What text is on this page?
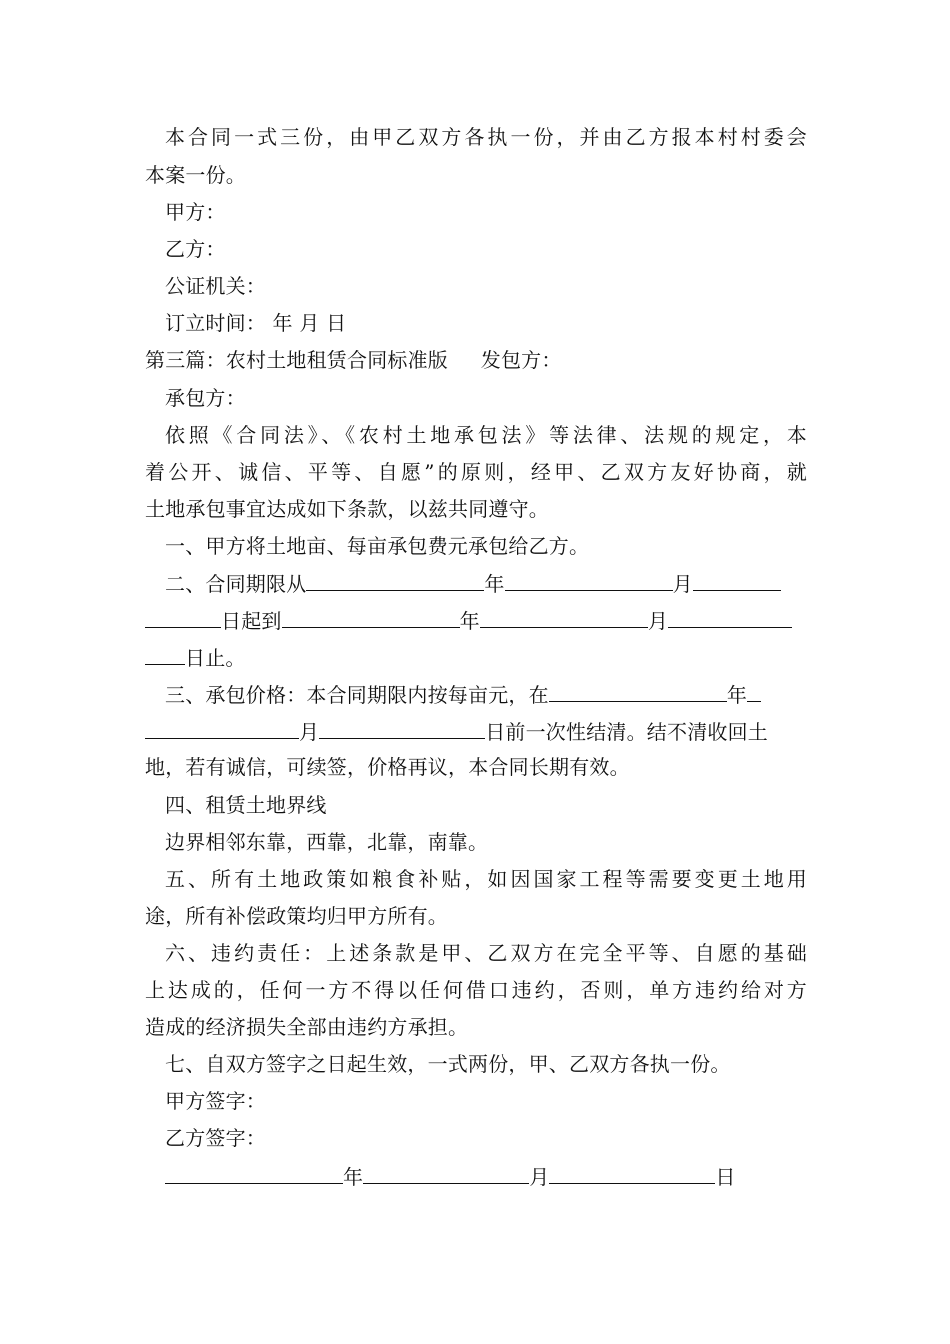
本合同一式三份，由甲乙双方各执一份，并由乙方报本村村委会
本案一份。
甲方：
乙方：
公证机关：
订立时间： 年 月 日
第三篇：农村土地租赁合同标准版     发包方：
承包方：
依照《合同法》、《农村土地承包法》等法律、法规的规定，本
着公开、诚信、平等、自愿”的原则，经甲、乙双方友好协商，就
土地承包事宜达成如下条款，以兹共同遵守。
一、甲方将土地亩、每亩承包费元承包给乙方。
二、合同期限从	年	月
日起到	年	月
日止。
三、承包价格：本合同期限内按每亩元，在	年
月	日前一次性结清。结不清收回土
地，若有诚信，可续签，价格再议，本合同长期有效。
四、租赁土地界线
边界相邻东靠，西靠，北靠，南靠。
五、所有土地政策如粮食补贴，如因国家工程等需要变更土地用
途，所有补偿政策均归甲方所有。
六、违约责任：上述条款是甲、乙双方在完全平等、自愿的基础
上达成的，任何一方不得以任何借口违约，否则，单方违约给对方
造成的经济损失全部由违约方承担。
七、自双方签字之日起生效，一式两份，甲、乙双方各执一份。
甲方签字：
乙方签字：
年	月	日
